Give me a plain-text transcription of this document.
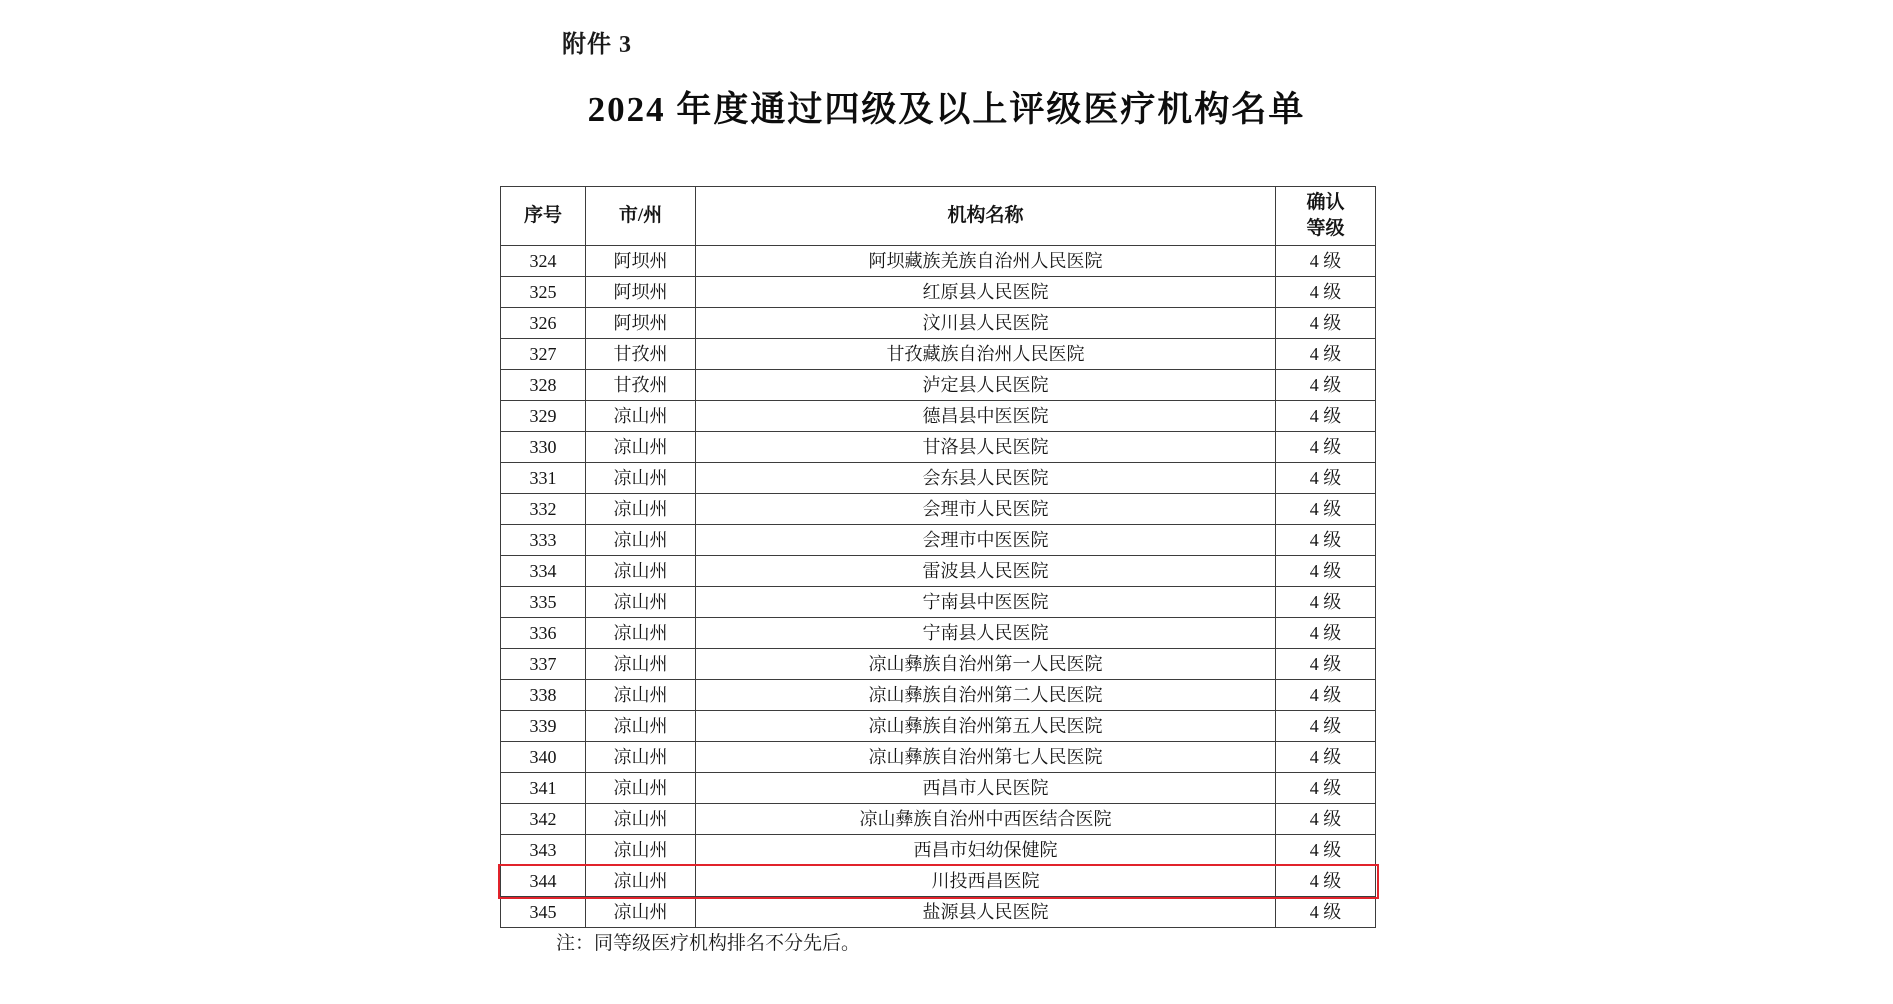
附件 3
2024 年度通过四级及以上评级医疗机构名单
序号	市/州	机构名称	确认
等级

324	阿坝州	阿坝藏族羌族自治州人民医院	4 级
325	阿坝州	红原县人民医院	4 级
326	阿坝州	汶川县人民医院	4 级
327	甘孜州	甘孜藏族自治州人民医院	4 级
328	甘孜州	泸定县人民医院	4 级
329	凉山州	德昌县中医医院	4 级
330	凉山州	甘洛县人民医院	4 级
331	凉山州	会东县人民医院	4 级
332	凉山州	会理市人民医院	4 级
333	凉山州	会理市中医医院	4 级
334	凉山州	雷波县人民医院	4 级
335	凉山州	宁南县中医医院	4 级
336	凉山州	宁南县人民医院	4 级
337	凉山州	凉山彝族自治州第一人民医院	4 级
338	凉山州	凉山彝族自治州第二人民医院	4 级
339	凉山州	凉山彝族自治州第五人民医院	4 级
340	凉山州	凉山彝族自治州第七人民医院	4 级
341	凉山州	西昌市人民医院	4 级
342	凉山州	凉山彝族自治州中西医结合医院	4 级
343	凉山州	西昌市妇幼保健院	4 级
344	凉山州	川投西昌医院	4 级
345	凉山州	盐源县人民医院	4 级
注：同等级医疗机构排名不分先后。
